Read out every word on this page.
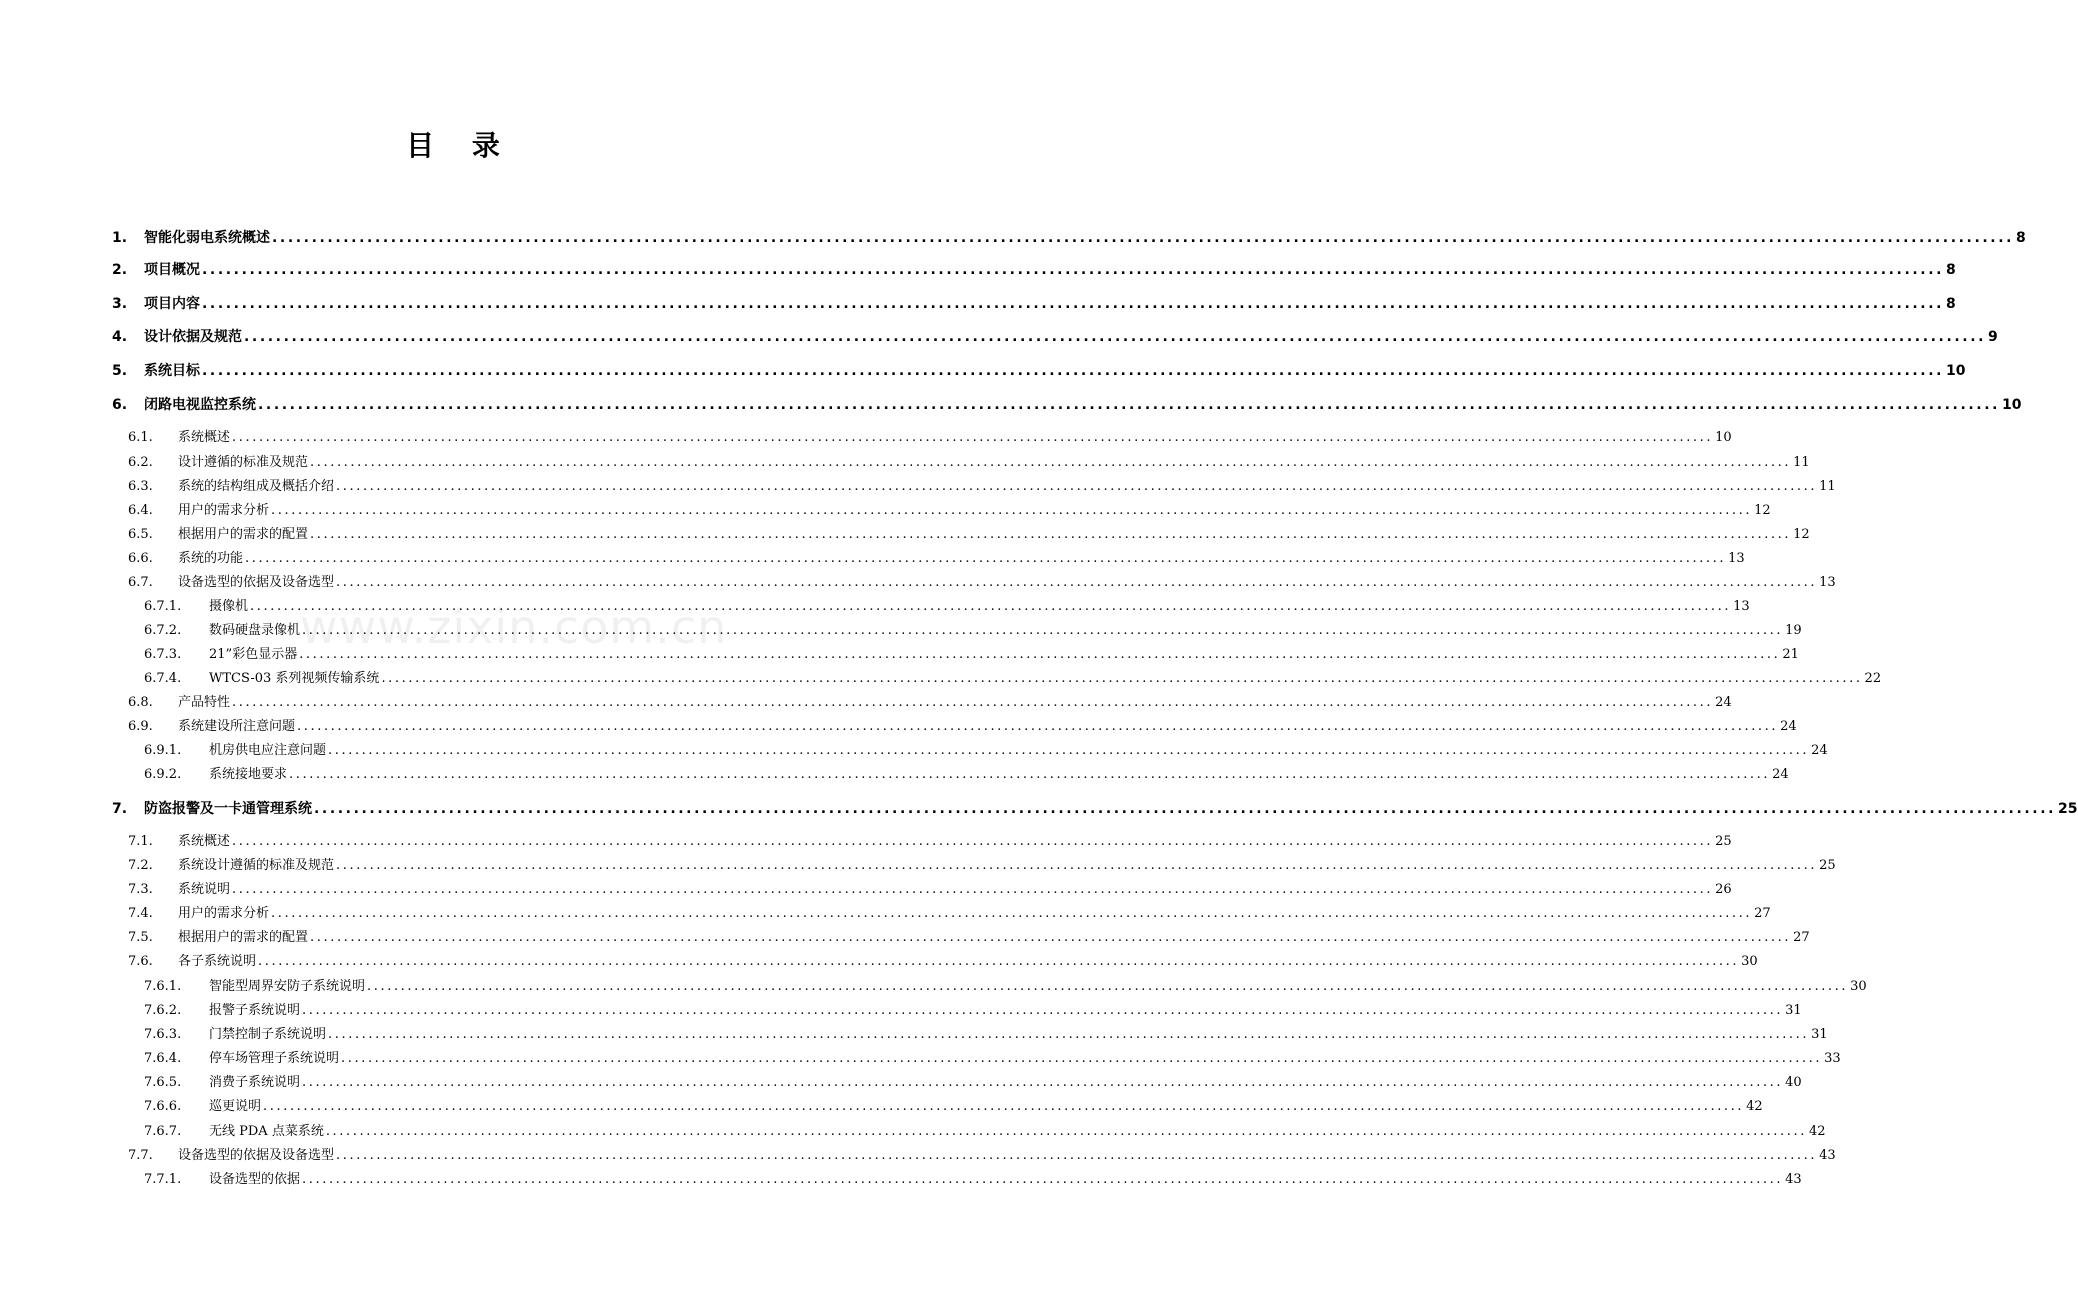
www.zixin.com.cn
目 录
1.	智能化弱电系统概述 ............................................................................................................................................................................................................................ 8
2.	项目概况 ............................................................................................................................................................................................................................ 8
3.	项目内容 ............................................................................................................................................................................................................................ 8
4.	设计依据及规范 ............................................................................................................................................................................................................................ 9
5.	系统目标 ............................................................................................................................................................................................................................ 10
6.	闭路电视监控系统 ............................................................................................................................................................................................................................ 10
6.1.	系统概述 ............................................................................................................................................................................................................................ 10
6.2.	设计遵循的标准及规范 ............................................................................................................................................................................................................................ 11
6.3.	系统的结构组成及概括介绍 ............................................................................................................................................................................................................................ 11
6.4.	用户的需求分析 ............................................................................................................................................................................................................................ 12
6.5.	根据用户的需求的配置 ............................................................................................................................................................................................................................ 12
6.6.	系统的功能 ............................................................................................................................................................................................................................ 13
6.7.	设备选型的依据及设备选型 ............................................................................................................................................................................................................................ 13
6.7.1.	摄像机 ............................................................................................................................................................................................................................ 13
6.7.2.	数码硬盘录像机 ............................................................................................................................................................................................................................ 19
6.7.3.	21”彩色显示器 ............................................................................................................................................................................................................................ 21
6.7.4.	WTCS-03 系列视频传输系统 ............................................................................................................................................................................................................................ 22
6.8.	产品特性 ............................................................................................................................................................................................................................ 24
6.9.	系统建设所注意问题 ............................................................................................................................................................................................................................ 24
6.9.1.	机房供电应注意问题 ............................................................................................................................................................................................................................ 24
6.9.2.	系统接地要求 ............................................................................................................................................................................................................................ 24
7.	防盗报警及一卡通管理系统 ............................................................................................................................................................................................................................ 25
7.1.	系统概述 ............................................................................................................................................................................................................................ 25
7.2.	系统设计遵循的标准及规范 ............................................................................................................................................................................................................................ 25
7.3.	系统说明 ............................................................................................................................................................................................................................ 26
7.4.	用户的需求分析 ............................................................................................................................................................................................................................ 27
7.5.	根据用户的需求的配置 ............................................................................................................................................................................................................................ 27
7.6.	各子系统说明 ............................................................................................................................................................................................................................ 30
7.6.1.	智能型周界安防子系统说明 ............................................................................................................................................................................................................................ 30
7.6.2.	报警子系统说明 ............................................................................................................................................................................................................................ 31
7.6.3.	门禁控制子系统说明 ............................................................................................................................................................................................................................ 31
7.6.4.	停车场管理子系统说明 ............................................................................................................................................................................................................................ 33
7.6.5.	消费子系统说明 ............................................................................................................................................................................................................................ 40
7.6.6.	巡更说明 ............................................................................................................................................................................................................................ 42
7.6.7.	无线 PDA 点菜系统 ............................................................................................................................................................................................................................ 42
7.7.	设备选型的依据及设备选型 ............................................................................................................................................................................................................................ 43
7.7.1.	设备选型的依据 ............................................................................................................................................................................................................................ 43
